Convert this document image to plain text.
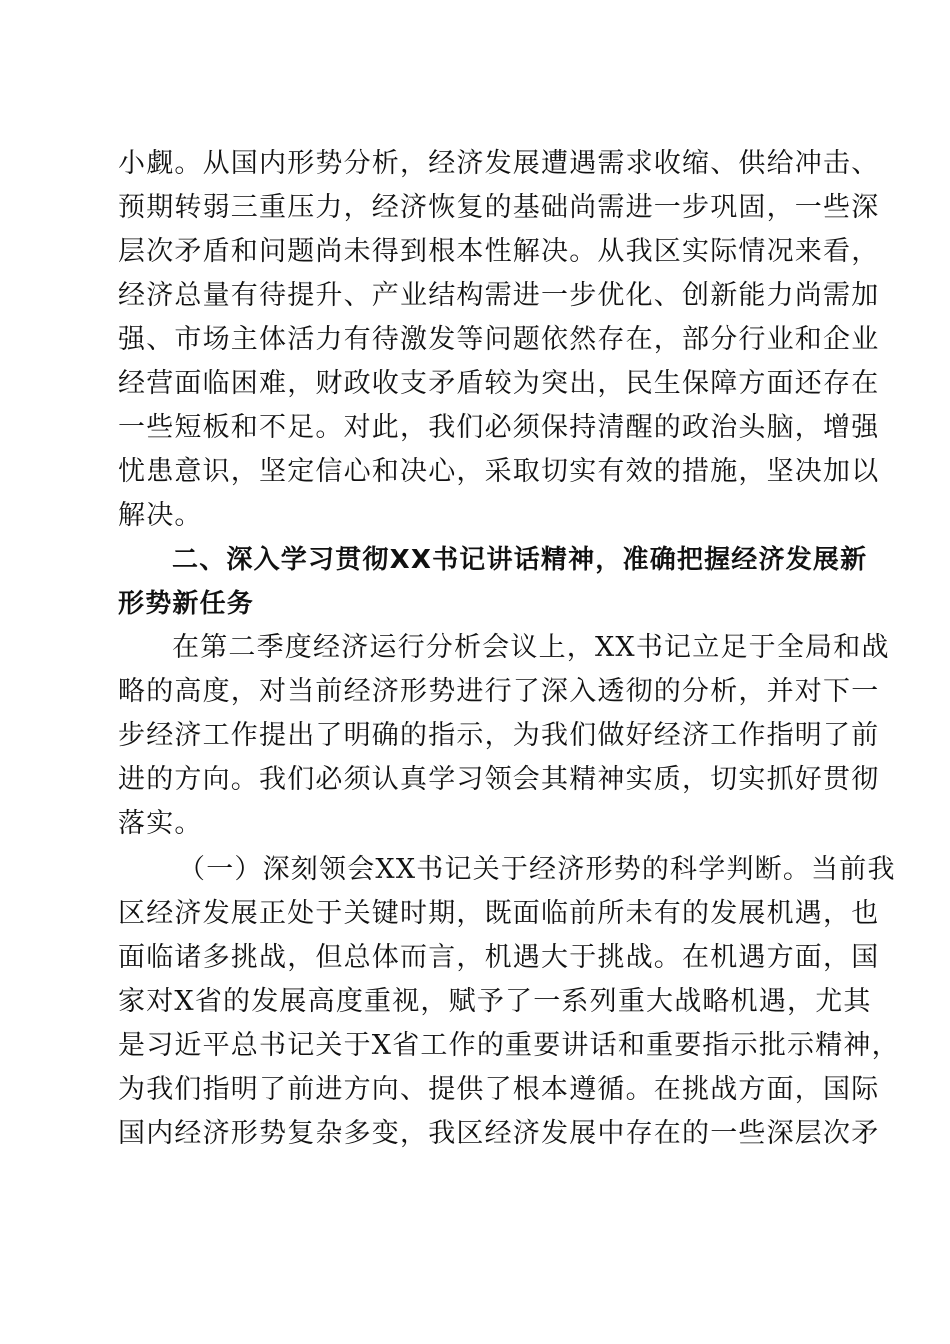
小觑。从国内形势分析，经济发展遭遇需求收缩、供给冲击、
预期转弱三重压力，经济恢复的基础尚需进一步巩固，一些深
层次矛盾和问题尚未得到根本性解决。从我区实际情况来看，
经济总量有待提升、产业结构需进一步优化、创新能力尚需加
强、市场主体活力有待激发等问题依然存在，部分行业和企业
经营面临困难，财政收支矛盾较为突出，民生保障方面还存在
一些短板和不足。对此，我们必须保持清醒的政治头脑，增强
忧患意识，坚定信心和决心，采取切实有效的措施，坚决加以
解决。
二、深入学习贯彻XX书记讲话精神，准确把握经济发展新
形势新任务
在第二季度经济运行分析会议上，XX书记立足于全局和战
略的高度，对当前经济形势进行了深入透彻的分析，并对下一
步经济工作提出了明确的指示，为我们做好经济工作指明了前
进的方向。我们必须认真学习领会其精神实质，切实抓好贯彻
落实。
（一）深刻领会XX书记关于经济形势的科学判断。当前我
区经济发展正处于关键时期，既面临前所未有的发展机遇，也
面临诸多挑战，但总体而言，机遇大于挑战。在机遇方面，国
家对X省的发展高度重视，赋予了一系列重大战略机遇，尤其
是习近平总书记关于X省工作的重要讲话和重要指示批示精神，
为我们指明了前进方向、提供了根本遵循。在挑战方面，国际
国内经济形势复杂多变，我区经济发展中存在的一些深层次矛
